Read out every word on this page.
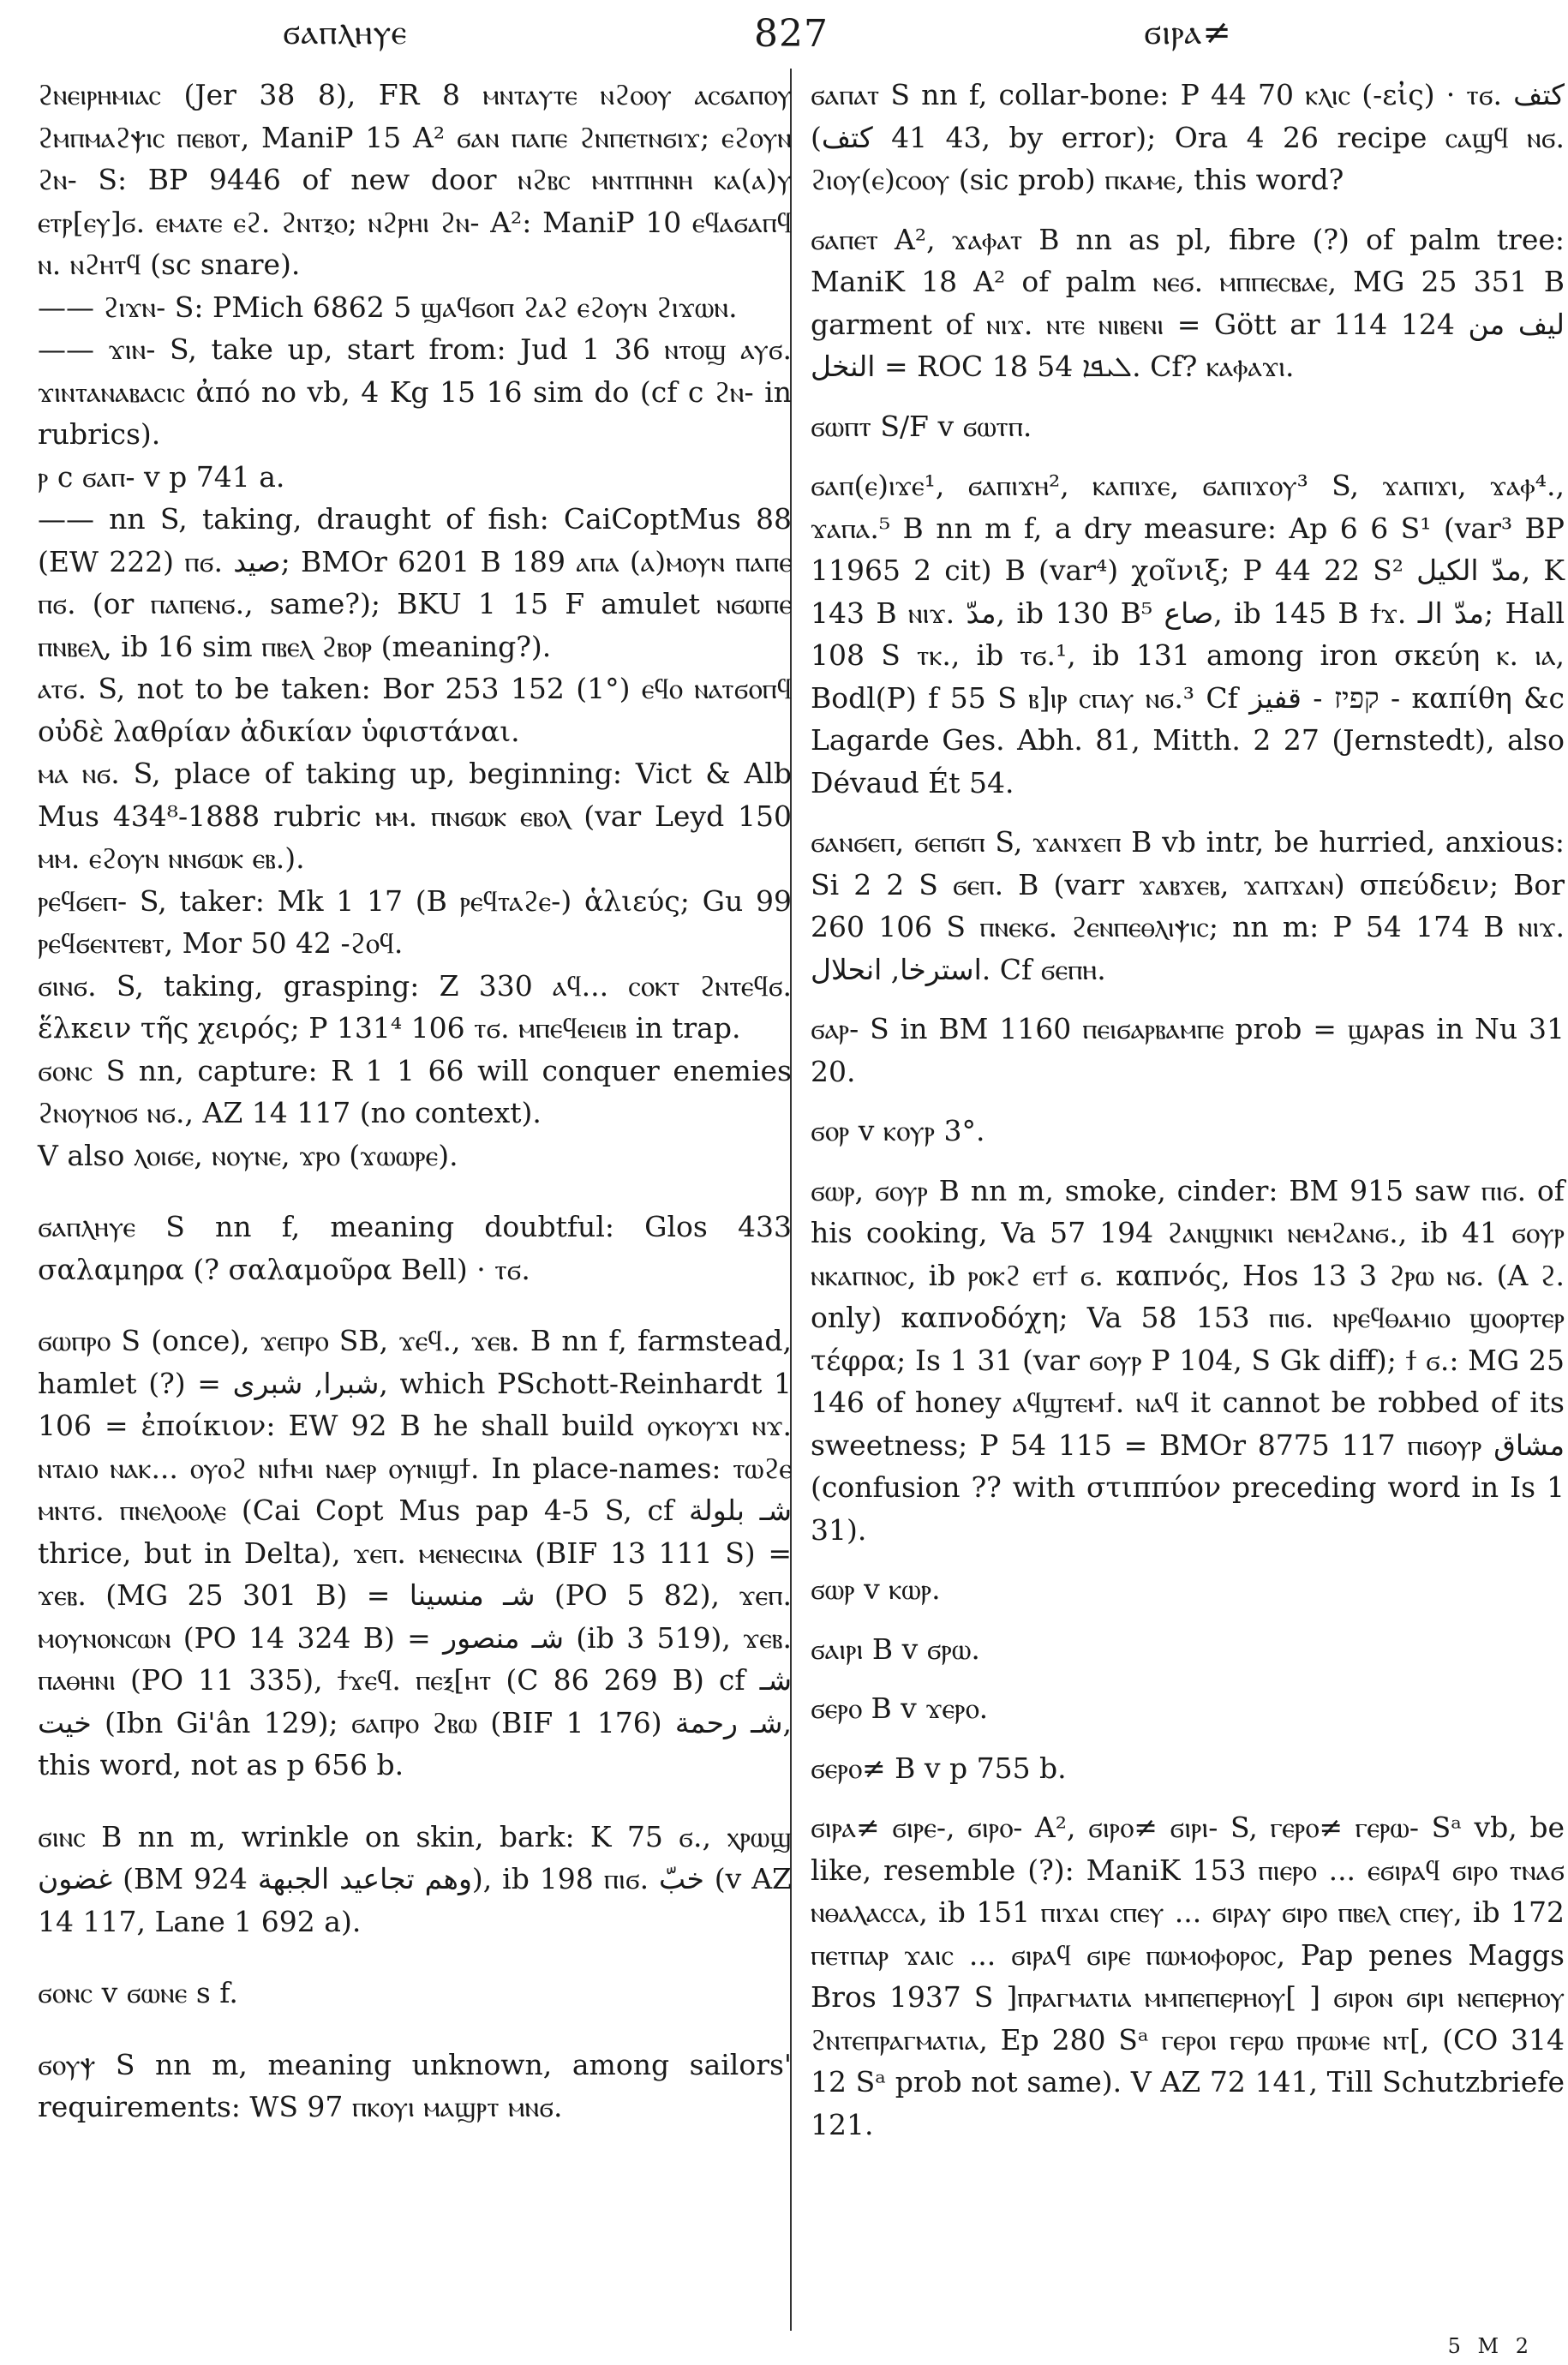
ϭⲁⲡⲗⲏⲩⲉ	827	ϭⲓⲣⲁ≠

ϩⲛⲉⲓⲣⲏⲙⲓⲁⲥ (Jer 38 8), FR 8 ⲙⲛⲧⲁⲩⲧⲉ ⲛϩⲟⲟⲩ ⲁⲥϭⲁⲡⲟⲩ ϩⲙⲡⲙⲁϩⲯⲓⲥ ⲡⲉⲃⲟⲧ, ManiP 15 A² ϭⲁⲛ ⲡⲁⲡⲉ ϩⲛⲡⲉⲧⲛϭⲓϫ; ⲉϩⲟⲩⲛ ϩⲛ- S: BP 9446 of new door ⲛϩⲃⲥ ⲙⲛⲧⲡⲏⲛⲏ ⲕⲁ(ⲁ)ⲩ ⲉⲧⲣ[ⲉⲩ]ϭ. ⲉⲙⲁⲧⲉ ⲉϩ. ϩⲛⲧⲝⲟ; ⲛϩⲣⲏⲓ ϩⲛ- A²: ManiP 10 ⲉϥⲁϭⲁⲡϥ ⲛ. ⲛϩⲏⲧϥ (sc snare).

—— ϩⲓϫⲛ- S: PMich 6862 5 ϣⲁϥϭⲟⲡ ϩⲁϩ ⲉϩⲟⲩⲛ ϩⲓϫⲱⲛ.

—— ϫⲓⲛ- S, take up, start from: Jud 1 36 ⲛⲧⲟϣ ⲁⲩϭ. ϫⲓⲛⲧⲁⲛⲁⲃⲁⲥⲓⲥ ἀπό no vb, 4 Kg 15 16 sim do (cf c ϩⲛ- in rubrics).

ⲣ c ϭⲁⲡ- v p 741 a.

—— nn S, taking, draught of fish: CaiCoptMus 88 (EW 222) ⲡϭ. صيد; BMOr 6201 B 189 ⲁⲡⲁ (ⲁ)ⲙⲟⲩⲛ ⲡⲁⲡⲉ ⲡϭ. (or ⲡⲁⲡⲉⲛϭ., same?); BKU 1 15 F amulet ⲛϭⲱⲡⲉ ⲡⲛⲃⲉⲗ, ib 16 sim ⲡⲃⲉⲗ ϩⲃⲟⲣ (meaning?).

ⲁⲧϭ. S, not to be taken: Bor 253 152 (1°) ⲉϥⲟ ⲛⲁⲧϭⲟⲡϥ οὐδὲ λαθρίαν ἀδικίαν ὑφιστάναι.

ⲙⲁ ⲛϭ. S, place of taking up, beginning: Vict & Alb Mus 434⁸-1888 rubric ⲙⲙ. ⲡⲛϭⲱⲕ ⲉⲃⲟⲗ (var Leyd 150 ⲙⲙ. ⲉϩⲟⲩⲛ ⲛⲛϭⲱⲕ ⲉⲃ.).

ⲣⲉϥϭⲉⲡ- S, taker: Mk 1 17 (B ⲣⲉϥⲧⲁϩⲉ-) ἁλιεύς; Gu 99 ⲣⲉϥϭⲉⲛⲧⲉⲃⲧ, Mor 50 42 -ϩⲟϥ.

ϭⲓⲛϭ. S, taking, grasping: Z 330 ⲁϥ... ⲥⲟⲕⲧ ϩⲛⲧⲉϥϭ. ἕλκειν τῆς χειρός; P 131⁴ 106 ⲧϭ. ⲙⲡⲉϥⲉⲓⲉⲓⲃ in trap.

ϭⲟⲛⲥ S nn, capture: R 1 1 66 will conquer enemies ϩⲛⲟⲩⲛⲟϭ ⲛϭ., AZ 14 117 (no context).

V also ⲗⲟⲓϭⲉ, ⲛⲟⲩⲛⲉ, ϫⲣⲟ (ϫⲱⲱⲣⲉ).

ϭⲁⲡⲗⲏⲩⲉ S nn f, meaning doubtful: Glos 433 σαλαμηρα (? σαλαμοῦρα Bell) · ⲧϭ.

ϭⲱⲡⲣⲟ S (once), ϫⲉⲡⲣⲟ SB, ϫⲉϥ., ϫⲉⲃ. B nn f, farmstead, hamlet (?) = شبرا, شبرى, which PSchott-Reinhardt 1 106 = ἐποίκιον: EW 92 B he shall build ⲟⲩⲕⲟⲩϫⲓ ⲛϫ. ⲛⲧⲁⲓⲟ ⲛⲁⲕ... ⲟⲩⲟϩ ⲛⲓϯⲙⲓ ⲛⲁⲉⲣ ⲟⲩⲛⲓϣϯ. In place-names: ⲧⲱϩⲉ ⲙⲛⲧϭ. ⲡⲛⲉⲗⲟⲟⲗⲉ (Cai Copt Mus pap 4-5 S, cf شـ بلولة thrice, but in Delta), ϫⲉⲡ. ⲙⲉⲛⲉⲥⲓⲛⲁ (BIF 13 111 S) = ϫⲉⲃ. (MG 25 301 B) = شـ منسينا (PO 5 82), ϫⲉⲡ. ⲙⲟⲩⲛⲟⲛⲥⲱⲛ (PO 14 324 B) = شـ منصور (ib 3 519), ϫⲉⲃ. ⲡⲁⲑⲏⲛⲓ (PO 11 335), ϯϫⲉϥ. ⲡⲉⲝ[ⲏⲧ (C 86 269 B) cf شـ خيت (Ibn Gi'ân 129); ϭⲁⲡⲣⲟ ϩⲃⲱ (BIF 1 176) شـ رحمة, this word, not as p 656 b.

ϭⲓⲛⲥ B nn m, wrinkle on skin, bark: K 75 ϭ., ⲭⲣⲱϣ غضون (BM 924 وهم تجاعيد الجبهة), ib 198 ⲡⲓϭ. خبّ (v AZ 14 117, Lane 1 692 a).

ϭⲟⲛⲥ v ϭⲱⲛⲉ s f.

ϭⲟⲩⲯ S nn m, meaning unknown, among sailors' requirements: WS 97 ⲡⲕⲟⲩⲓ ⲙⲁϣⲣⲧ ⲙⲛϭ.

ϭⲁⲡⲁⲧ S nn f, collar-bone: P 44 70 ⲕⲗⲓⲥ (-εἰς) · ⲧϭ. كتف (43 41 كتف, by error); Ora 4 26 recipe ⲥⲁϣϥ ⲛϭ. ϩⲓⲟⲩ(ⲉ)ⲥⲟⲟⲩ (sic prob) ⲡⲕⲁⲙⲉ, this word?

ϭⲁⲡⲉⲧ A², ϫⲁⲫⲁⲧ B nn as pl, fibre (?) of palm tree: ManiK 18 A² of palm ⲛⲉϭ. ⲙⲡⲡⲉⲥⲃⲁⲉ, MG 25 351 B garment of ⲛⲓϫ. ⲛⲧⲉ ⲛⲓⲃⲉⲛⲓ = Gött ar 114 124 ليف من النخل = ROC 18 54 ܠܝܦܐ. Cf? ⲕⲁⲫⲁϫⲓ.

ϭⲱⲡⲧ S/F v ϭⲱⲧⲡ.

ϭⲁⲡ(ⲉ)ⲓϫⲉ¹, ϭⲁⲡⲓϫⲏ², ⲕⲁⲡⲓϫⲉ, ϭⲁⲡⲓϫⲟⲩ³ S, ϫⲁⲡⲓϫⲓ, ϫⲁⲫ⁴., ϫⲁⲡⲁ.⁵ B nn m f, a dry measure: Ap 6 6 S¹ (var³ BP 11965 2 cit) B (var⁴) χοῖνιξ; P 44 22 S² مدّ الكيل, K 143 B ⲛⲓϫ. مدّ, ib 130 B⁵ صاع, ib 145 B ϯϫ. مدّ الـ; Hall 108 S ⲧⲕ., ib ⲧϭ.¹, ib 131 among iron σκεύη ⲕ. ⲓⲁ, Bodl(P) f 55 S ⲃ]ⲓⲣ ⲥⲡⲁⲩ ⲛϭ.³ Cf קפיז - قفيز - καπίθη &c Lagarde Ges. Abh. 81, Mitth. 2 27 (Jernstedt), also Dévaud Ét 54.

ϭⲁⲛϭⲉⲡ, ϭⲉⲡϭⲡ S, ϫⲁⲛϫⲉⲡ B vb intr, be hurried, anxious: Si 2 2 S ϭⲉⲡ. B (varr ϫⲁⲃϫⲉⲃ, ϫⲁⲡϫⲁⲛ) σπεύδειν; Bor 260 106 S ⲡⲛⲉⲕϭ. ϩⲉⲛⲡⲉⲑⲗⲓⲯⲓⲥ; nn m: P 54 174 B ⲛⲓϫ. استرخا, انحلال. Cf ϭⲉⲡⲏ.

ϭⲁⲣ- S in BM 1160 ⲡⲉⲓϭⲁⲣⲃⲁⲙⲡⲉ prob = ϣⲁⲣas in Nu 31 20.

ϭⲟⲣ v ⲕⲟⲩⲣ 3°.

ϭⲱⲣ, ϭⲟⲩⲣ B nn m, smoke, cinder: BM 915 saw ⲡⲓϭ. of his cooking, Va 57 194 ϩⲁⲛϣⲛⲓⲕⲓ ⲛⲉⲙϩⲁⲛϭ., ib 41 ϭⲟⲩⲣ ⲛⲕⲁⲡⲛⲟⲥ, ib ⲣⲟⲕϩ ⲉⲧϯ ϭ. καπνός, Hos 13 3 ϩⲣⲱ ⲛϭ. (A ϩ. only) καπνοδόχη; Va 58 153 ⲡⲓϭ. ⲛⲣⲉϥⲑⲁⲙⲓⲟ ϣⲟⲟⲣⲧⲉⲣ τέφρα; Is 1 31 (var ϭⲟⲩⲣ P 104, S Gk diff); ϯ ϭ.: MG 25 146 of honey ⲁϥϣⲧⲉⲙϯ. ⲛⲁϥ it cannot be robbed of its sweetness; P 54 115 = BMOr 8775 117 ⲡⲓϭⲟⲩⲣ مشاق (confusion ?? with στιππύον preceding word in Is 1 31).

ϭⲱⲣ v ⲕⲱⲣ.

ϭⲁⲓⲣⲓ B v ϭⲣⲱ.

ϭⲉⲣⲟ B v ϫⲉⲣⲟ.

ϭⲉⲣⲟ≠ B v p 755 b.

ϭⲓⲣⲁ≠ ϭⲓⲣⲉ-, ϭⲓⲣⲟ- A², ϭⲓⲣⲟ≠ ϭⲓⲣⲓ- S, ⲅⲉⲣⲟ≠ ⲅⲉⲣⲱ- Sᵃ vb, be like, resemble (?): ManiK 153 ⲡⲓⲉⲣⲟ ... ⲉϭⲓⲣⲁϥ ϭⲓⲣⲟ ⲧⲛⲁϭ ⲛⲑⲁⲗⲁⲥⲥⲁ, ib 151 ⲡⲓϫⲁⲓ ⲥⲡⲉⲩ ... ϭⲓⲣⲁⲩ ϭⲓⲣⲟ ⲡⲃⲉⲗ ⲥⲡⲉⲩ, ib 172 ⲡⲉⲧⲡⲁⲣ ϫⲁⲓⲥ ... ϭⲓⲣⲁϥ ϭⲓⲣⲉ ⲡⲱⲙⲟⲫⲟⲣⲟⲥ, Pap penes Maggs Bros 1937 S ]ⲡⲣⲁⲅⲙⲁⲧⲓⲁ ⲙⲙⲡⲉⲡⲉⲣⲏⲟⲩ[ ] ϭⲓⲣⲟⲛ ϭⲓⲣⲓ ⲛⲉⲡⲉⲣⲏⲟⲩ ϩⲛⲧⲉⲡⲣⲁⲅⲙⲁⲧⲓⲁ, Ep 280 Sᵃ ⲅⲉⲣⲟⲓ ⲅⲉⲣⲱ ⲡⲣⲱⲙⲉ ⲛⲧ[, (CO 314 12 Sᵃ prob not same). V AZ 72 141, Till Schutzbriefe 121.

5 M 2
